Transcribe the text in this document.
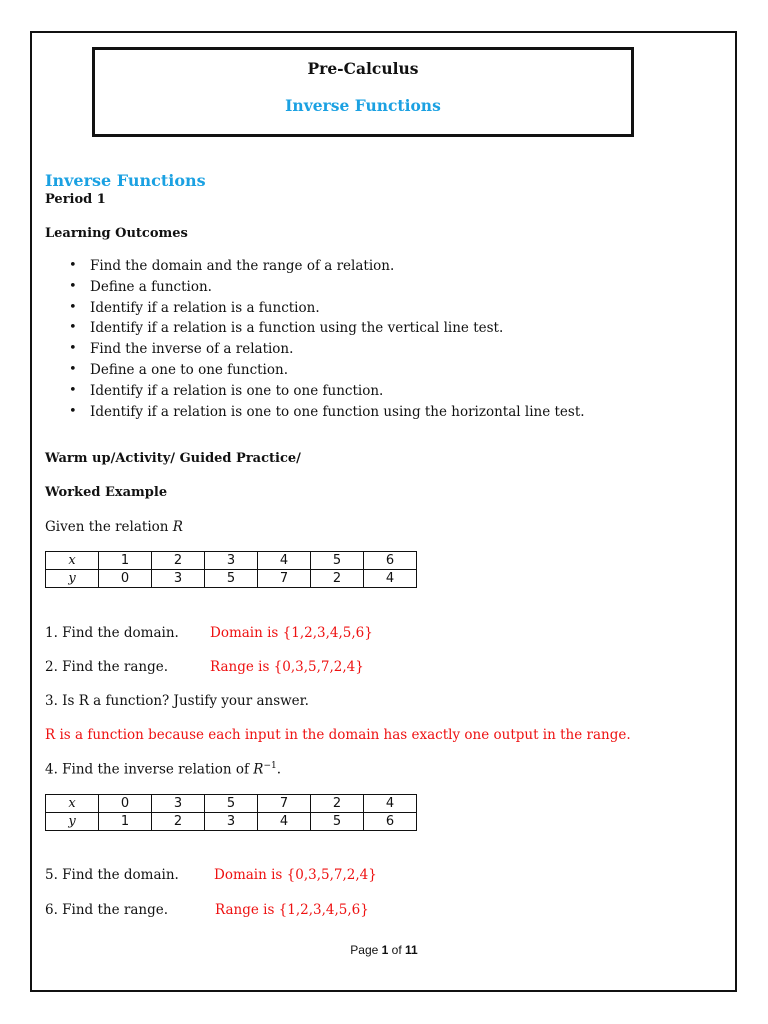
Pre-Calculus
Inverse Functions
Inverse Functions
Period 1
Learning Outcomes
• Find the domain and the range of a relation.
• Define a function.
• Identify if a relation is a function.
• Identify if a relation is a function using the vertical line test.
• Find the inverse of a relation.
• Define a one to one function.
• Identify if a relation is one to one function.
• Identify if a relation is one to one function using the horizontal line test.
Warm up/Activity/ Guided Practice/
Worked Example
Given the relation R
x	1	2	3	4	5	6
y	0	3	5	7	2	4
1. Find the domain. Domain is {1,2,3,4,5,6}
2. Find the range.	Range is {0,3,5,7,2,4}
3. Is R a function? Justify your answer.
R is a function because each input in the domain has exactly one output in the range.
4. Find the inverse relation of $R^{-1}$.
x	0	3	5	7	2	4
y	1	2	3	4	5	6
5. Find the domain.	Domain is {0,3,5,7,2,4}
6. Find the range.	Range is {1,2,3,4,5,6}
Page 1 of 11
